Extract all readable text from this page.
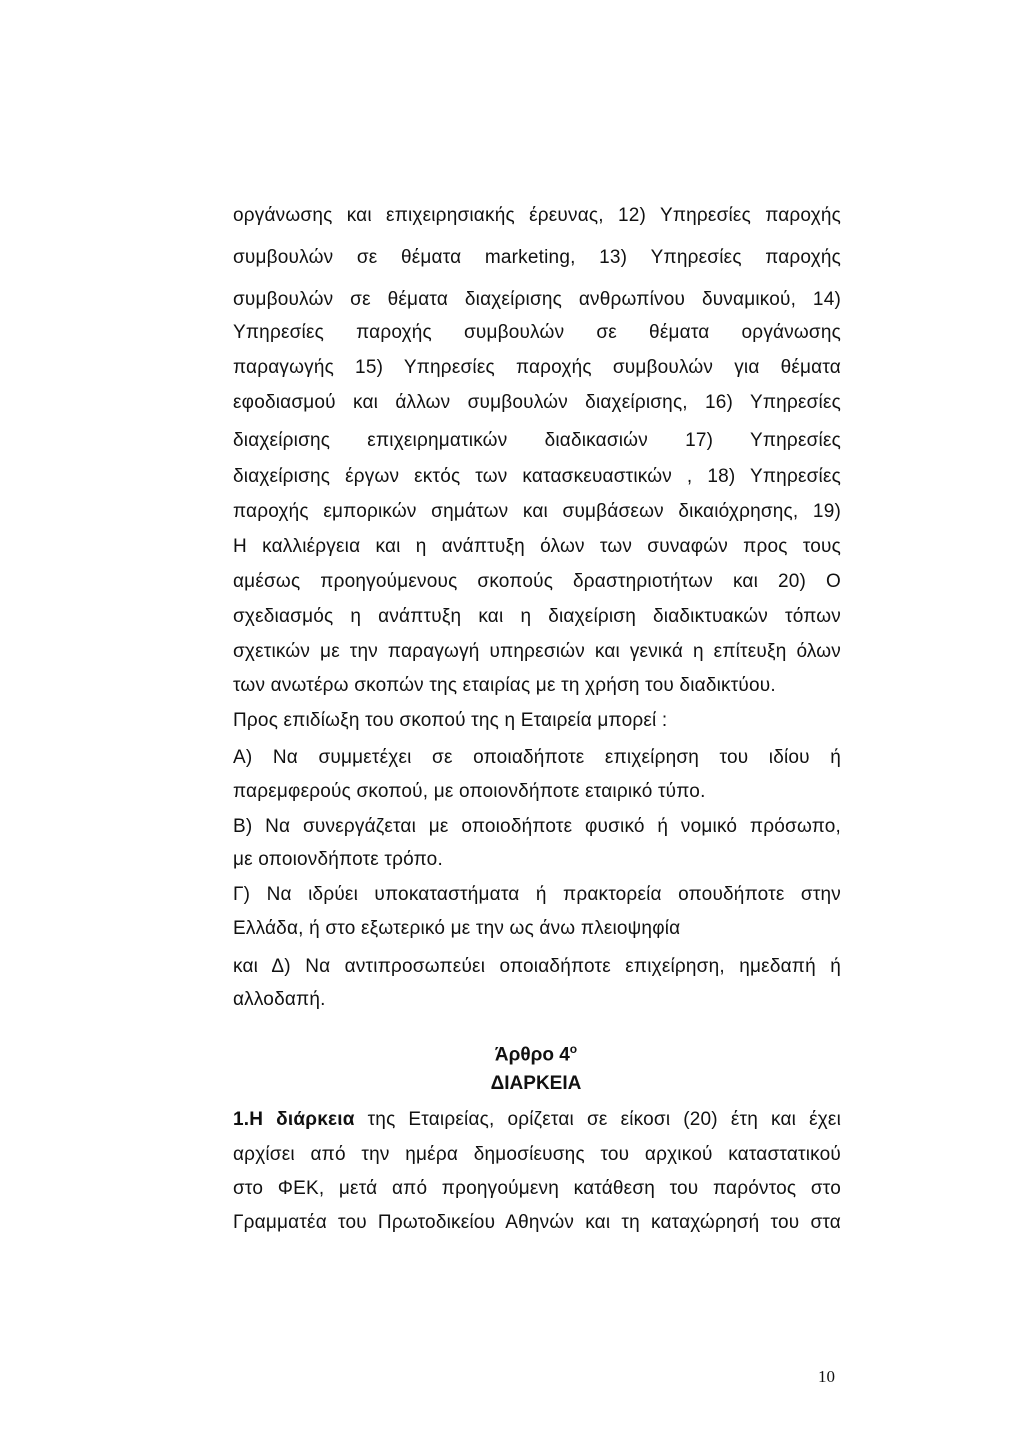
οργάνωσης και επιχειρησιακής έρευνας, 12) Υπηρεσίες παροχής
συμβουλών σε θέματα marketing, 13) Υπηρεσίες παροχής
συμβουλών σε θέματα διαχείρισης ανθρωπίνου δυναμικού, 14)
Υπηρεσίες παροχής συμβουλών σε θέματα οργάνωσης
παραγωγής 15) Υπηρεσίες παροχής συμβουλών για θέματα
εφοδιασμού και άλλων συμβουλών διαχείρισης, 16) Υπηρεσίες
διαχείρισης επιχειρηματικών διαδικασιών 17) Υπηρεσίες
διαχείρισης έργων εκτός των κατασκευαστικών , 18) Υπηρεσίες
παροχής εμπορικών σημάτων και συμβάσεων δικαιόχρησης, 19)
Η καλλιέργεια και η ανάπτυξη όλων των συναφών προς τους
αμέσως προηγούμενους σκοπούς δραστηριοτήτων και 20) Ο
σχεδιασμός η ανάπτυξη και η διαχείριση διαδικτυακών τόπων
σχετικών με την παραγωγή υπηρεσιών και γενικά η επίτευξη όλων
των ανωτέρω σκοπών της εταιρίας με τη χρήση του διαδικτύου.
Προς επιδίωξη του σκοπού της η Εταιρεία μπορεί :
Α) Να συμμετέχει σε οποιαδήποτε επιχείρηση του ιδίου ή
παρεμφερούς σκοπού, με οποιονδήποτε εταιρικό τύπο.
Β) Να συνεργάζεται με οποιοδήποτε φυσικό ή νομικό πρόσωπο,
με οποιονδήποτε τρόπο.
Γ) Να ιδρύει υποκαταστήματα ή πρακτορεία οπουδήποτε στην
Ελλάδα, ή στο εξωτερικό με την ως άνω πλειοψηφία
και Δ) Να αντιπροσωπεύει οποιαδήποτε επιχείρηση, ημεδαπή ή
αλλοδαπή.
Άρθρο $4^o$
ΔΙΑΡΚΕΙΑ
1.Η διάρκεια της Εταιρείας, ορίζεται σε είκοσι (20) έτη και έχει
αρχίσει από την ημέρα δημοσίευσης του αρχικού καταστατικού
στο ΦΕΚ, μετά από προηγούμενη κατάθεση του παρόντος στο
Γραμματέα του Πρωτοδικείου Αθηνών και τη καταχώρησή του στα
10
